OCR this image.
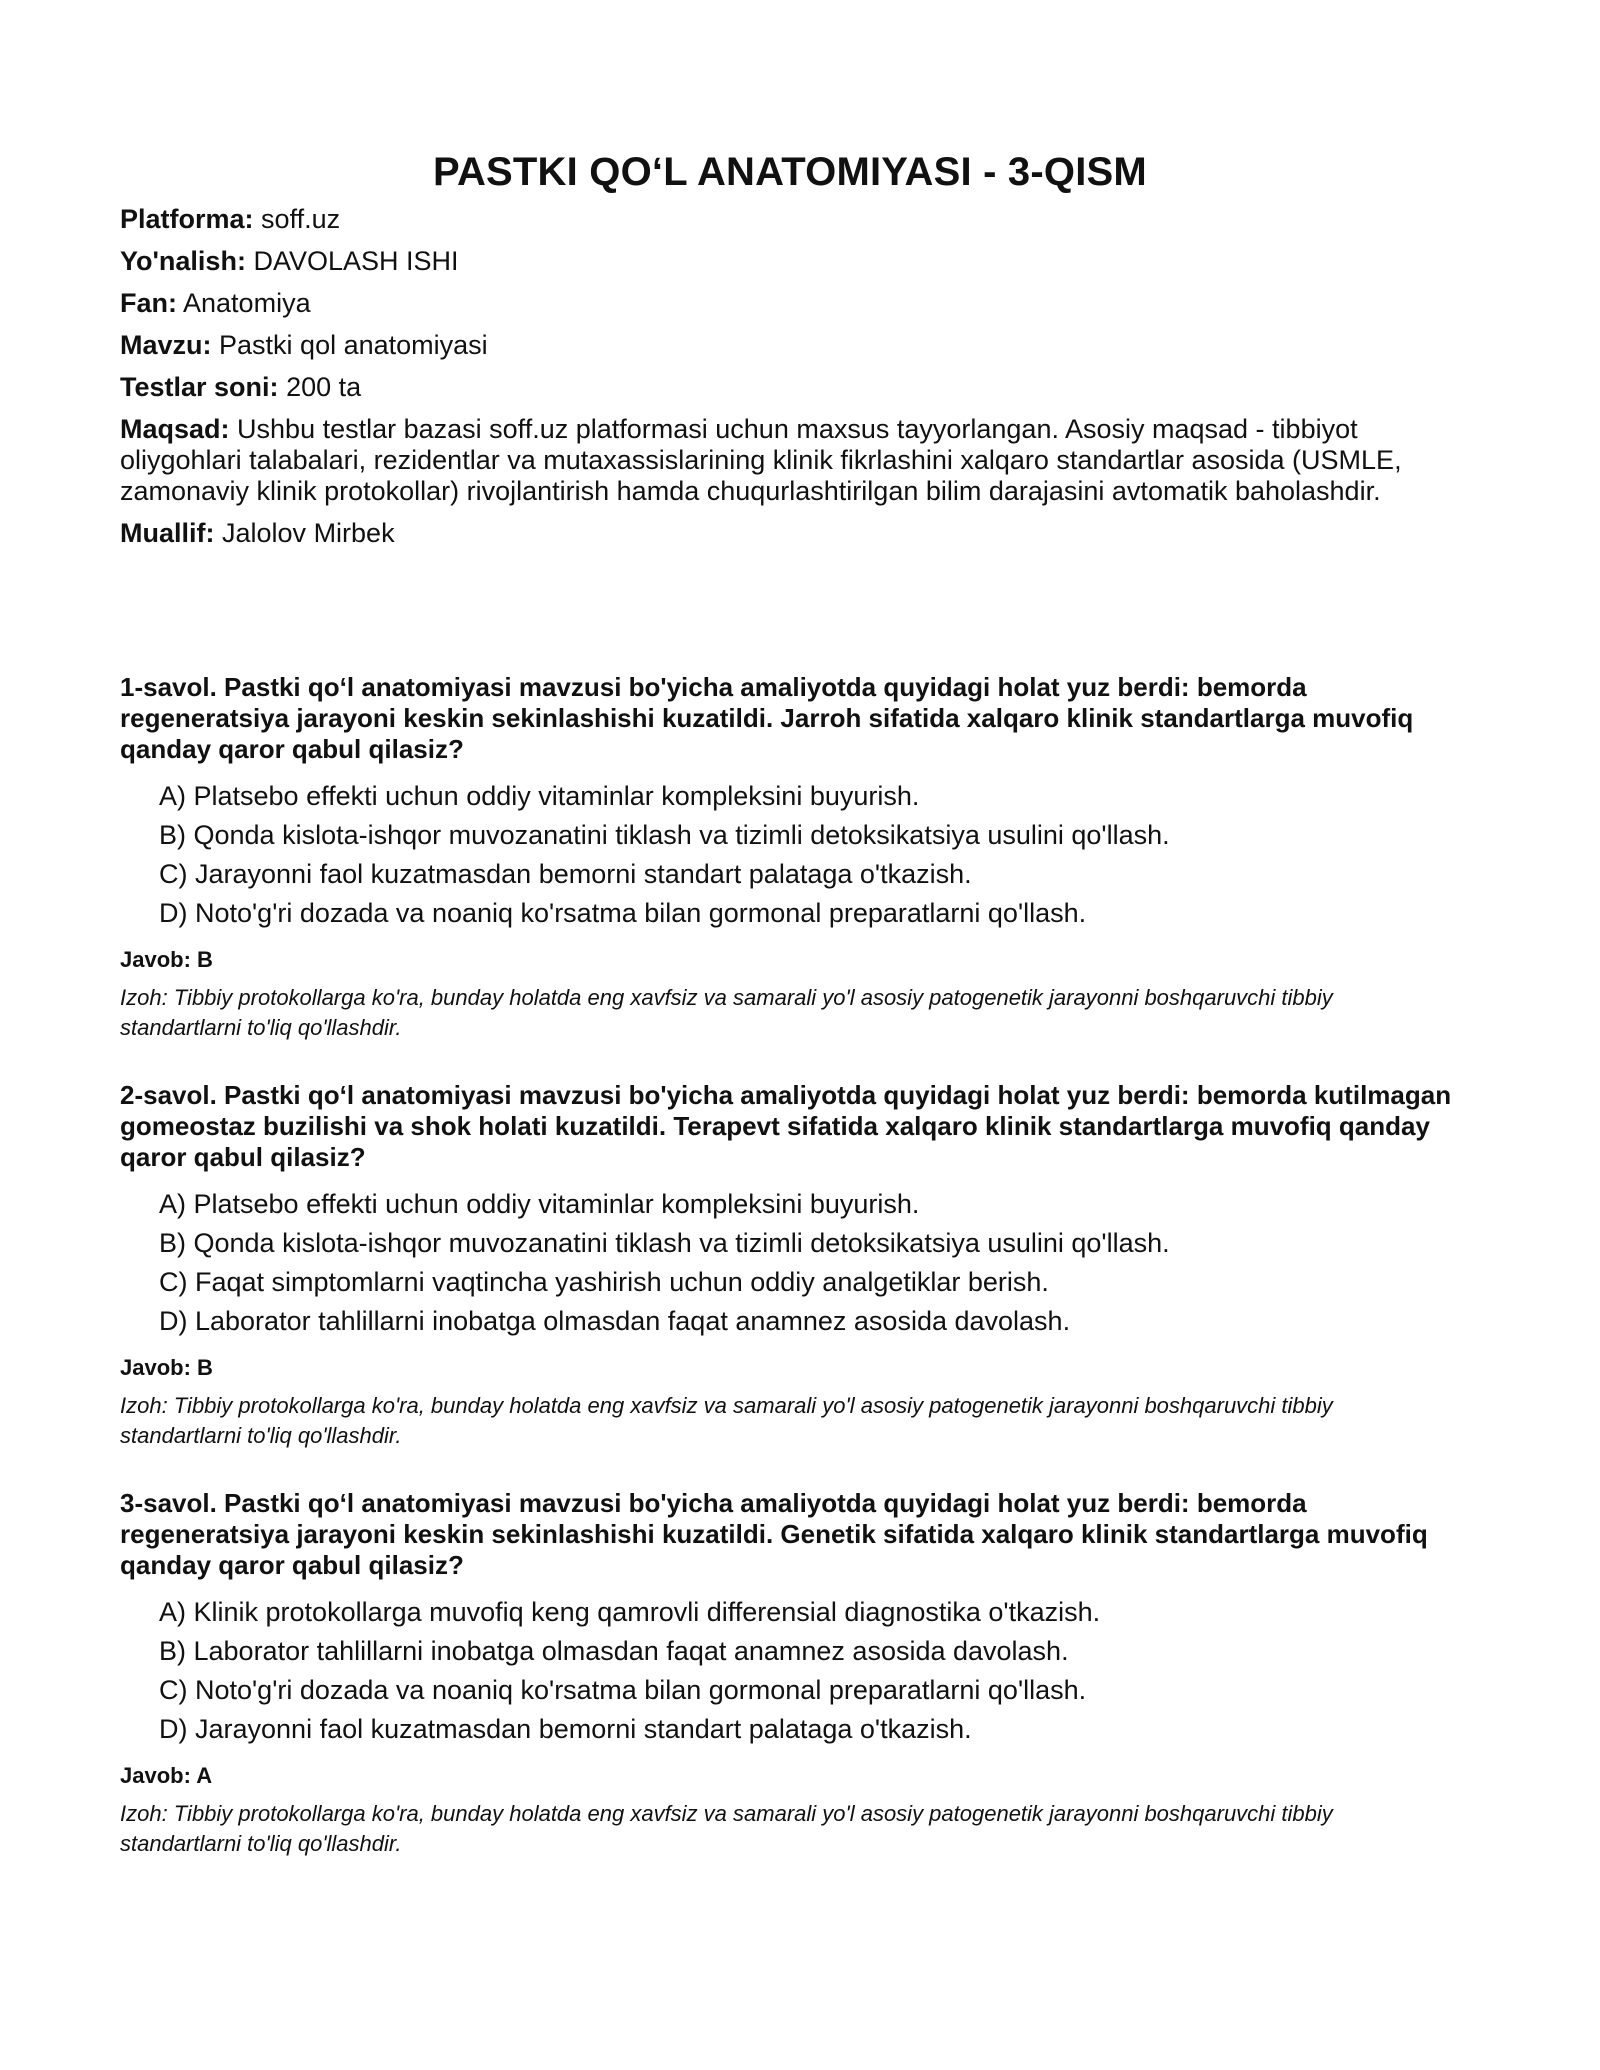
PASTKI QO‘L ANATOMIYASI - 3-QISM
Platforma: soff.uz
Yo'nalish: DAVOLASH ISHI
Fan: Anatomiya
Mavzu: Pastki qol anatomiyasi
Testlar soni: 200 ta
Maqsad: Ushbu testlar bazasi soff.uz platformasi uchun maxsus tayyorlangan. Asosiy maqsad - tibbiyot oliygohlari talabalari, rezidentlar va mutaxassislarining klinik fikrlashini xalqaro standartlar asosida (USMLE, zamonaviy klinik protokollar) rivojlantirish hamda chuqurlashtirilgan bilim darajasini avtomatik baholashdir.
Muallif: Jalolov Mirbek

1-savol. Pastki qo‘l anatomiyasi mavzusi bo'yicha amaliyotda quyidagi holat yuz berdi: bemorda regeneratsiya jarayoni keskin sekinlashishi kuzatildi. Jarroh sifatida xalqaro klinik standartlarga muvofiq qanday qaror qabul qilasiz?

A) Platsebo effekti uchun oddiy vitaminlar kompleksini buyurish.
B) Qonda kislota-ishqor muvozanatini tiklash va tizimli detoksikatsiya usulini qo'llash.
C) Jarayonni faol kuzatmasdan bemorni standart palataga o'tkazish.
D) Noto'g'ri dozada va noaniq ko'rsatma bilan gormonal preparatlarni qo'llash.
Javob: B
Izoh: Tibbiy protokollarga ko'ra, bunday holatda eng xavfsiz va samarali yo'l asosiy patogenetik jarayonni boshqaruvchi tibbiy standartlarni to'liq qo'llashdir.

2-savol. Pastki qo‘l anatomiyasi mavzusi bo'yicha amaliyotda quyidagi holat yuz berdi: bemorda kutilmagan gomeostaz buzilishi va shok holati kuzatildi. Terapevt sifatida xalqaro klinik standartlarga muvofiq qanday qaror qabul qilasiz?

A) Platsebo effekti uchun oddiy vitaminlar kompleksini buyurish.
B) Qonda kislota-ishqor muvozanatini tiklash va tizimli detoksikatsiya usulini qo'llash.
C) Faqat simptomlarni vaqtincha yashirish uchun oddiy analgetiklar berish.
D) Laborator tahlillarni inobatga olmasdan faqat anamnez asosida davolash.
Javob: B
Izoh: Tibbiy protokollarga ko'ra, bunday holatda eng xavfsiz va samarali yo'l asosiy patogenetik jarayonni boshqaruvchi tibbiy standartlarni to'liq qo'llashdir.

3-savol. Pastki qo‘l anatomiyasi mavzusi bo'yicha amaliyotda quyidagi holat yuz berdi: bemorda regeneratsiya jarayoni keskin sekinlashishi kuzatildi. Genetik sifatida xalqaro klinik standartlarga muvofiq qanday qaror qabul qilasiz?

A) Klinik protokollarga muvofiq keng qamrovli differensial diagnostika o'tkazish.
B) Laborator tahlillarni inobatga olmasdan faqat anamnez asosida davolash.
C) Noto'g'ri dozada va noaniq ko'rsatma bilan gormonal preparatlarni qo'llash.
D) Jarayonni faol kuzatmasdan bemorni standart palataga o'tkazish.
Javob: A
Izoh: Tibbiy protokollarga ko'ra, bunday holatda eng xavfsiz va samarali yo'l asosiy patogenetik jarayonni boshqaruvchi tibbiy standartlarni to'liq qo'llashdir.
